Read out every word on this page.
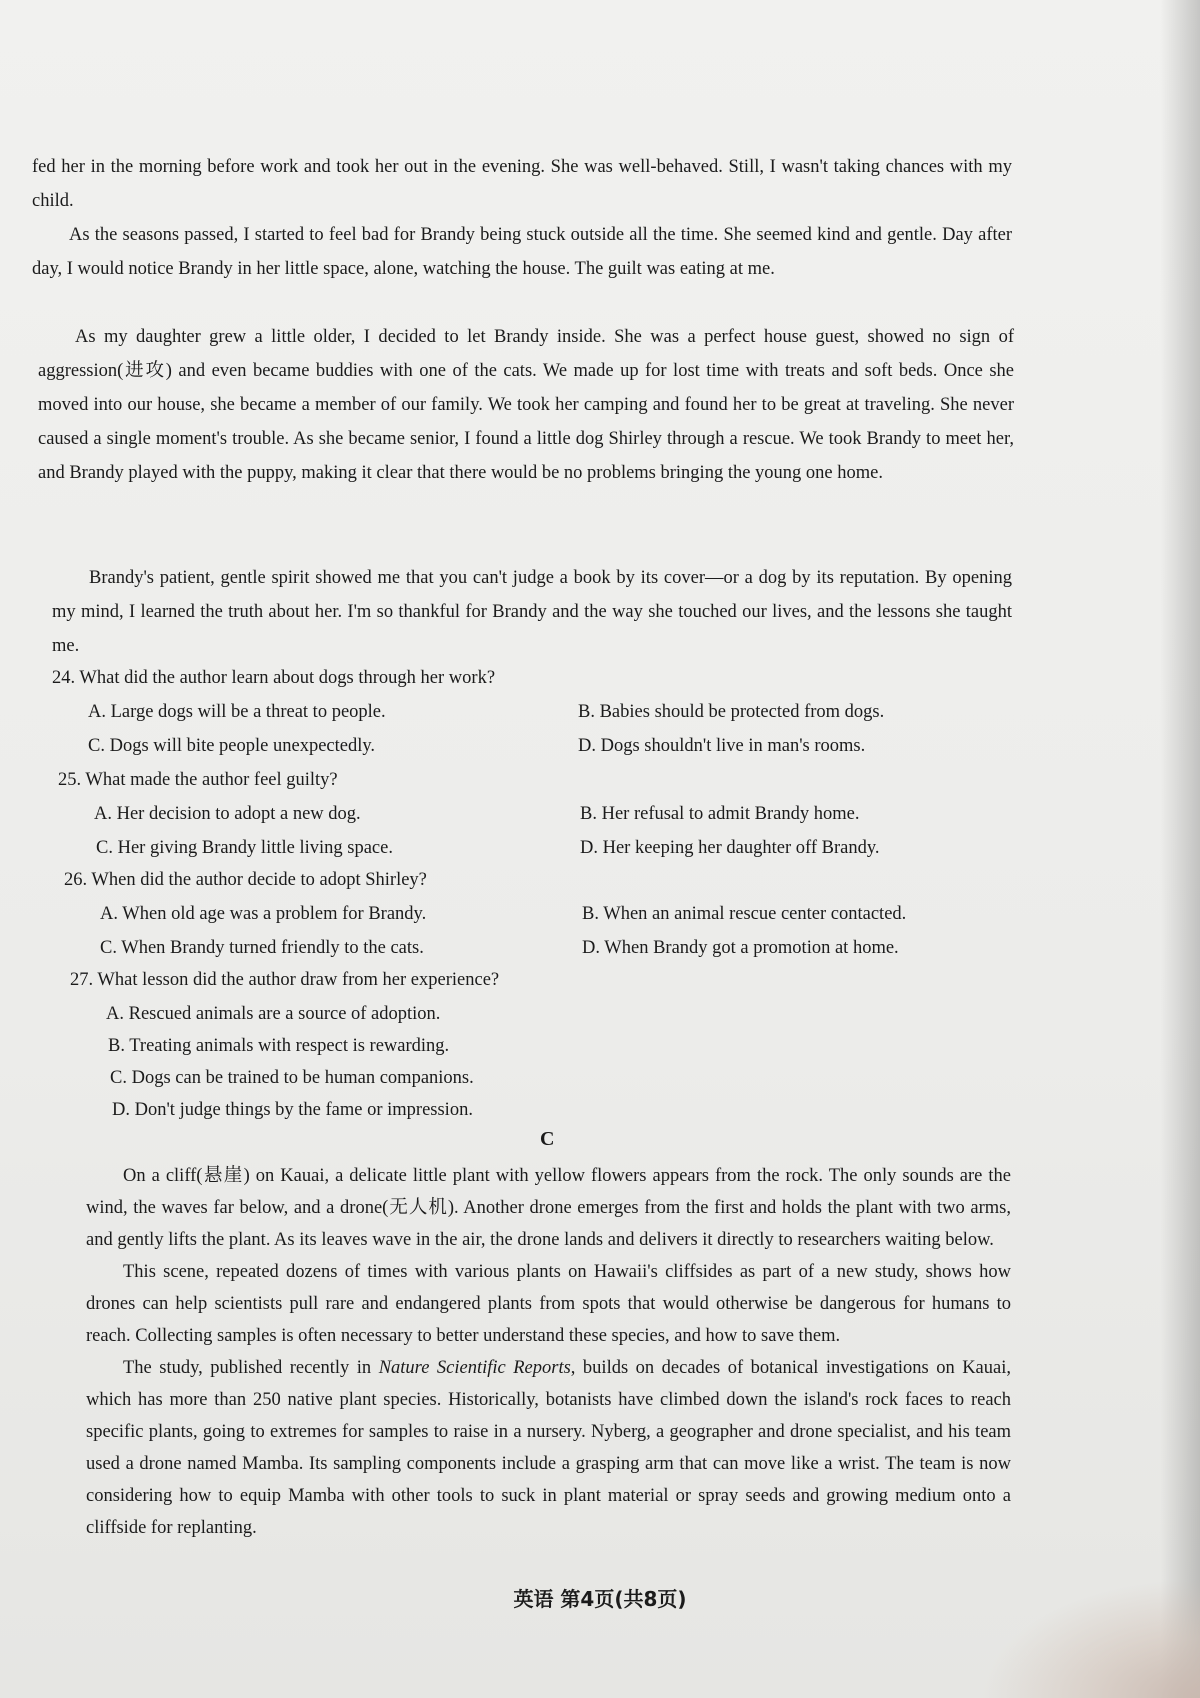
fed her in the morning before work and took her out in the evening. She was well-behaved. Still, I wasn't taking chances with my child.

As the seasons passed, I started to feel bad for Brandy being stuck outside all the time. She seemed kind and gentle. Day after day, I would notice Brandy in her little space, alone, watching the house. The guilt was eating at me.

As my daughter grew a little older, I decided to let Brandy inside. She was a perfect house guest, showed no sign of aggression(进攻) and even became buddies with one of the cats. We made up for lost time with treats and soft beds. Once she moved into our house, she became a member of our family. We took her camping and found her to be great at traveling. She never caused a single moment's trouble. As she became senior, I found a little dog Shirley through a rescue. We took Brandy to meet her, and Brandy played with the puppy, making it clear that there would be no problems bringing the young one home.

Brandy's patient, gentle spirit showed me that you can't judge a book by its cover—or a dog by its reputation. By opening my mind, I learned the truth about her. I'm so thankful for Brandy and the way she touched our lives, and the lessons she taught me.

24. What did the author learn about dogs through her work?
A. Large dogs will be a threat to people.	B. Babies should be protected from dogs.
C. Dogs will bite people unexpectedly.	D. Dogs shouldn't live in man's rooms.
25. What made the author feel guilty?
A. Her decision to adopt a new dog.	B. Her refusal to admit Brandy home.
C. Her giving Brandy little living space.	D. Her keeping her daughter off Brandy.
26. When did the author decide to adopt Shirley?
A. When old age was a problem for Brandy.	B. When an animal rescue center contacted.
C. When Brandy turned friendly to the cats.	D. When Brandy got a promotion at home.
27. What lesson did the author draw from her experience?
A. Rescued animals are a source of adoption.
B. Treating animals with respect is rewarding.
C. Dogs can be trained to be human companions.
D. Don't judge things by the fame or impression.
C

On a cliff(悬崖) on Kauai, a delicate little plant with yellow flowers appears from the rock. The only sounds are the wind, the waves far below, and a drone(无人机). Another drone emerges from the first and holds the plant with two arms, and gently lifts the plant. As its leaves wave in the air, the drone lands and delivers it directly to researchers waiting below.

This scene, repeated dozens of times with various plants on Hawaii's cliffsides as part of a new study, shows how drones can help scientists pull rare and endangered plants from spots that would otherwise be dangerous for humans to reach. Collecting samples is often necessary to better understand these species, and how to save them.

The study, published recently in Nature Scientific Reports, builds on decades of botanical investigations on Kauai, which has more than 250 native plant species. Historically, botanists have climbed down the island's rock faces to reach specific plants, going to extremes for samples to raise in a nursery. Nyberg, a geographer and drone specialist, and his team used a drone named Mamba. Its sampling components include a grasping arm that can move like a wrist. The team is now considering how to equip Mamba with other tools to suck in plant material or spray seeds and growing medium onto a cliffside for replanting.

英语 第4页(共8页)
